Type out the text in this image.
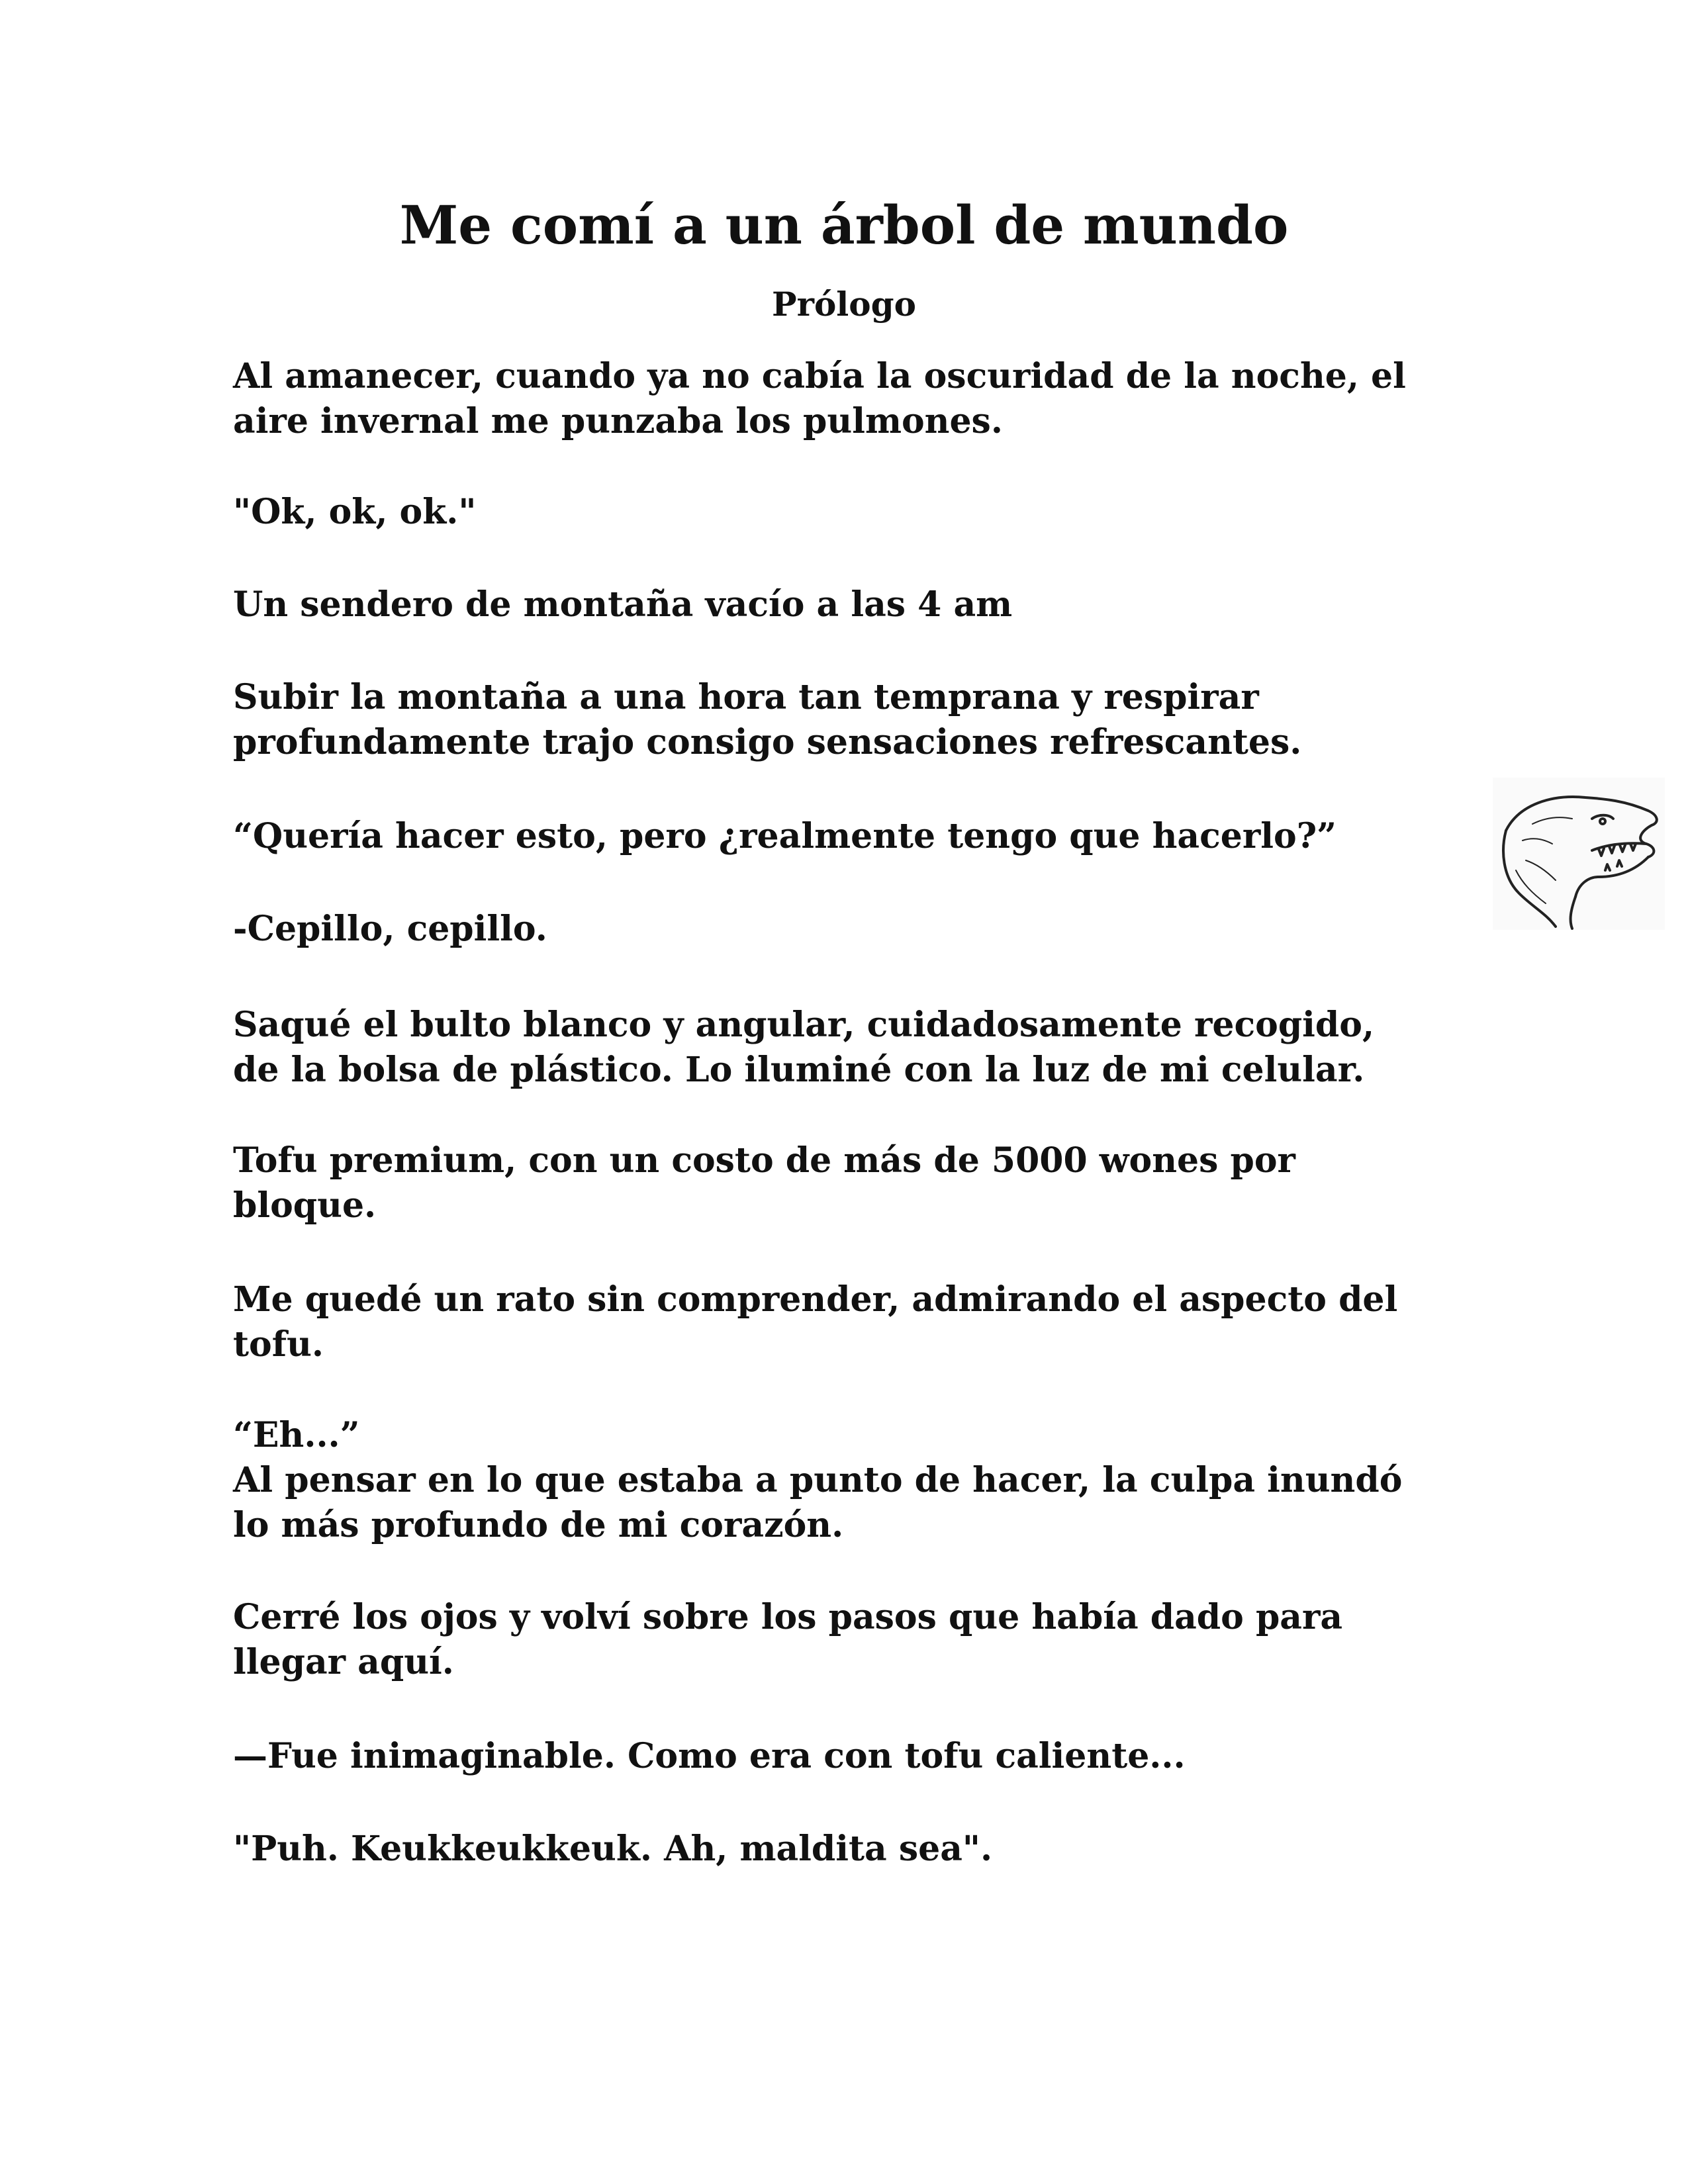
Me comí a un árbol de mundo
Prólogo

Al amanecer, cuando ya no cabía la oscuridad de la noche, el
aire invernal me punzaba los pulmones.

"Ok, ok, ok."

Un sendero de montaña vacío a las 4 am

Subir la montaña a una hora tan temprana y respirar
profundamente trajo consigo sensaciones refrescantes.

“Quería hacer esto, pero ¿realmente tengo que hacerlo?”

-Cepillo, cepillo.

Saqué el bulto blanco y angular, cuidadosamente recogido,
de la bolsa de plástico. Lo iluminé con la luz de mi celular.

Tofu premium, con un costo de más de 5000 wones por
bloque.

Me quedé un rato sin comprender, admirando el aspecto del
tofu.

“Eh...”
Al pensar en lo que estaba a punto de hacer, la culpa inundó
lo más profundo de mi corazón.

Cerré los ojos y volví sobre los pasos que había dado para
llegar aquí.

—Fue inimaginable. Como era con tofu caliente...

"Puh. Keukkeukkeuk. Ah, maldita sea".
